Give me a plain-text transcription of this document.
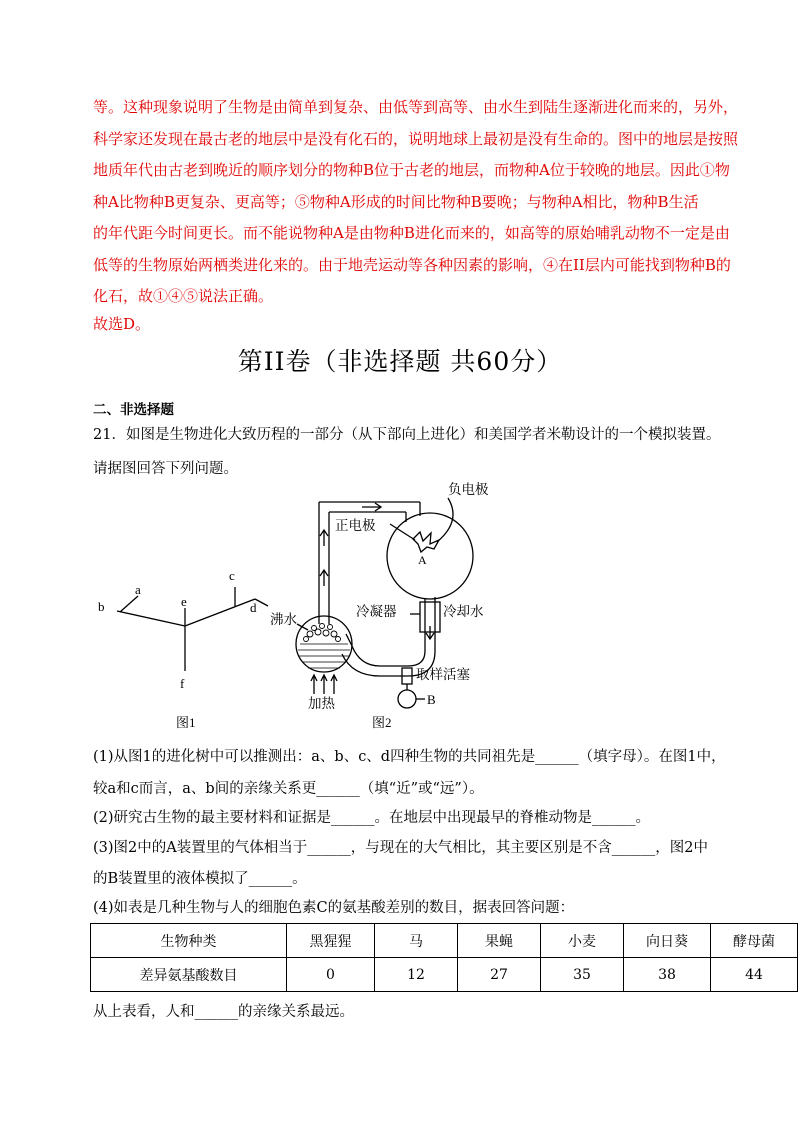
等。这种现象说明了生物是由简单到复杂、由低等到高等、由水生到陆生逐渐进化而来的，另外，

科学家还发现在最古老的地层中是没有化石的，说明地球上最初是没有生命的。图中的地层是按照

地质年代由古老到晚近的顺序划分的物种B位于古老的地层，而物种A位于较晚的地层。因此①物

种A比物种B更复杂、更高等；⑤物种A形成的时间比物种B要晚；与物种A相比，物种B生活

的年代距今时间更长。而不能说物种A是由物种B进化而来的，如高等的原始哺乳动物不一定是由

低等的生物原始两栖类进化来的。由于地壳运动等各种因素的影响，④在II层内可能找到物种B的

化石，故①④⑤说法正确。

故选D。
第II卷（非选择题 共60分）
二、非选择题
21．如图是生物进化大致历程的一部分（从下部向上进化）和美国学者米勒设计的一个模拟装置。
请据图回答下列问题。
a
b
c
d
e
f
图1
负电极
正电极
A
冷凝器	冷却水
沸水
取样活塞
加热	B
图2
(1)从图1的进化树中可以推测出：a、b、c、d四种生物的共同祖先是______（填字母）。在图1中，
较a和c而言，a、b间的亲缘关系更______（填“近”或“远”）。
(2)研究古生物的最主要材料和证据是______。在地层中出现最早的脊椎动物是______。
(3)图2中的A装置里的气体相当于______，与现在的大气相比，其主要区别是不含______，图2中
的B装置里的液体模拟了______。
(4)如表是几种生物与人的细胞色素C的氨基酸差别的数目，据表回答问题：
生物种类	黑猩猩	马	果蝇	小麦	向日葵	酵母菌
差异氨基酸数目	0	12	27	35	38	44
从上表看，人和______的亲缘关系最远。
